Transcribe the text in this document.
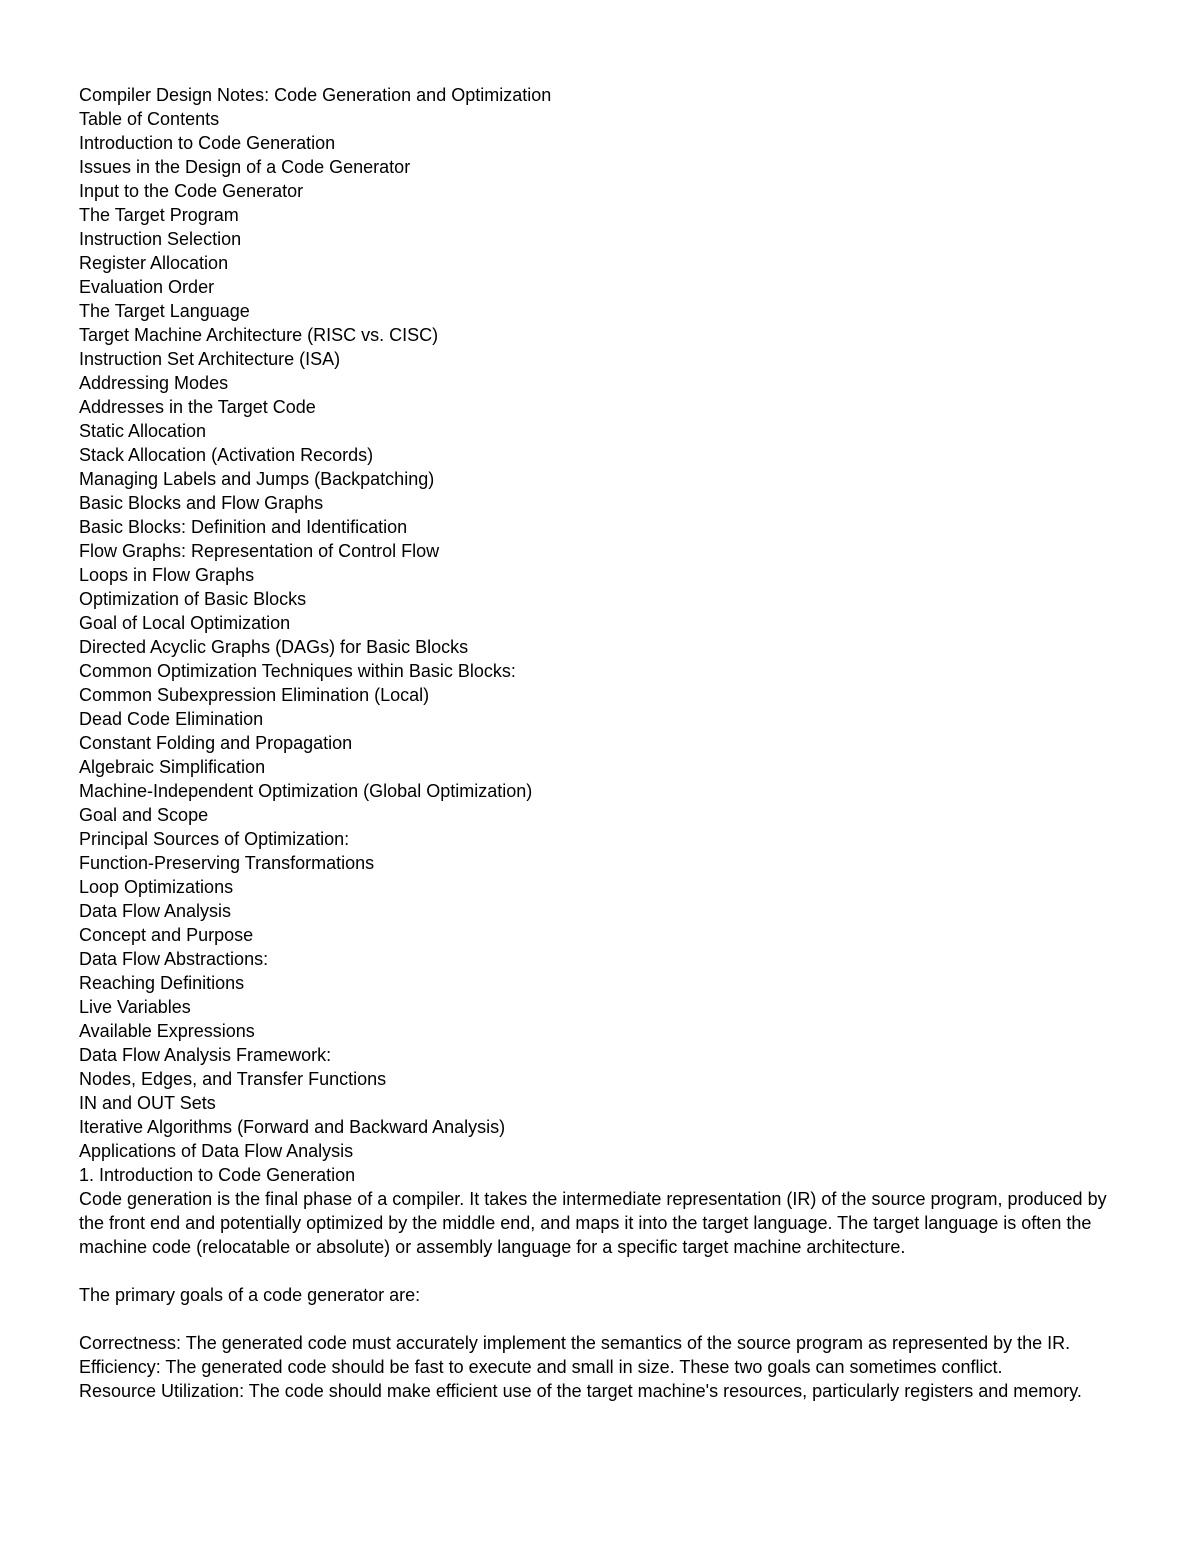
Compiler Design Notes: Code Generation and Optimization
Table of Contents
Introduction to Code Generation
Issues in the Design of a Code Generator
Input to the Code Generator
The Target Program
Instruction Selection
Register Allocation
Evaluation Order
The Target Language
Target Machine Architecture (RISC vs. CISC)
Instruction Set Architecture (ISA)
Addressing Modes
Addresses in the Target Code
Static Allocation
Stack Allocation (Activation Records)
Managing Labels and Jumps (Backpatching)
Basic Blocks and Flow Graphs
Basic Blocks: Definition and Identification
Flow Graphs: Representation of Control Flow
Loops in Flow Graphs
Optimization of Basic Blocks
Goal of Local Optimization
Directed Acyclic Graphs (DAGs) for Basic Blocks
Common Optimization Techniques within Basic Blocks:
Common Subexpression Elimination (Local)
Dead Code Elimination
Constant Folding and Propagation
Algebraic Simplification
Machine-Independent Optimization (Global Optimization)
Goal and Scope
Principal Sources of Optimization:
Function-Preserving Transformations
Loop Optimizations
Data Flow Analysis
Concept and Purpose
Data Flow Abstractions:
Reaching Definitions
Live Variables
Available Expressions
Data Flow Analysis Framework:
Nodes, Edges, and Transfer Functions
IN and OUT Sets
Iterative Algorithms (Forward and Backward Analysis)
Applications of Data Flow Analysis
1. Introduction to Code Generation

Code generation is the final phase of a compiler. It takes the intermediate representation (IR) of the source program, produced by the front end and potentially optimized by the middle end, and maps it into the target language. The target language is often the machine code (relocatable or absolute) or assembly language for a specific target machine architecture.

The primary goals of a code generator are:

Correctness: The generated code must accurately implement the semantics of the source program as represented by the IR.

Efficiency: The generated code should be fast to execute and small in size. These two goals can sometimes conflict.

Resource Utilization: The code should make efficient use of the target machine's resources, particularly registers and memory.
